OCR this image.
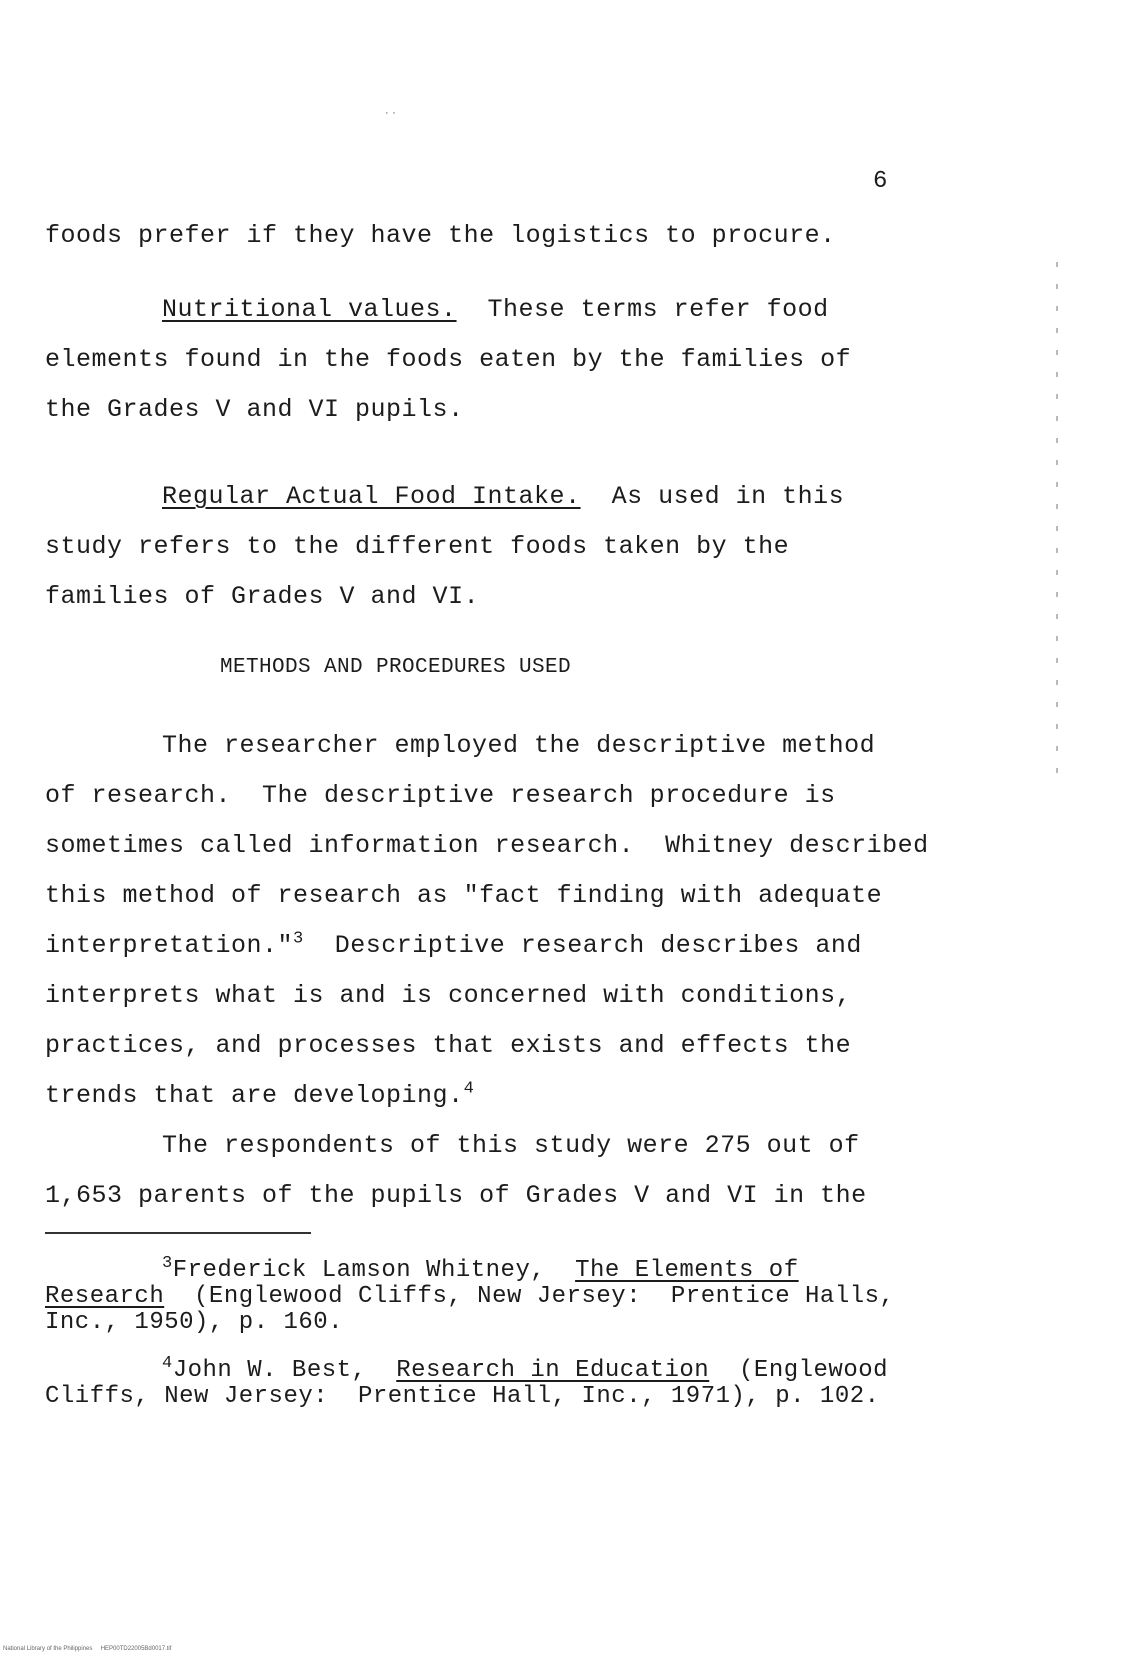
⋅⋅
6
foods prefer if they have the logistics to procure.
Nutritional values.  These terms refer food
elements found in the foods eaten by the families of
the Grades V and VI pupils.
Regular Actual Food Intake.  As used in this
study refers to the different foods taken by the
families of Grades V and VI.
METHODS AND PROCEDURES USED
The researcher employed the descriptive method
of research.  The descriptive research procedure is
sometimes called information research.  Whitney described
this method of research as "fact finding with adequate
interpretation."$^3$  Descriptive research describes and
interprets what is and is concerned with conditions,
practices, and processes that exists and effects the
trends that are developing.$^4$
The respondents of this study were 275 out of
1,653 parents of the pupils of Grades V and VI in the
$^3$Frederick Lamson Whitney,  The Elements of
Research  (Englewood Cliffs, New Jersey:  Prentice Halls,
Inc., 1950), p. 160.
$^4$John W. Best,  Research in Education  (Englewood
Cliffs, New Jersey:  Prentice Hall, Inc., 1971), p. 102.
National Library of the Philippines     HEP00TD22005Bd0017.tif
